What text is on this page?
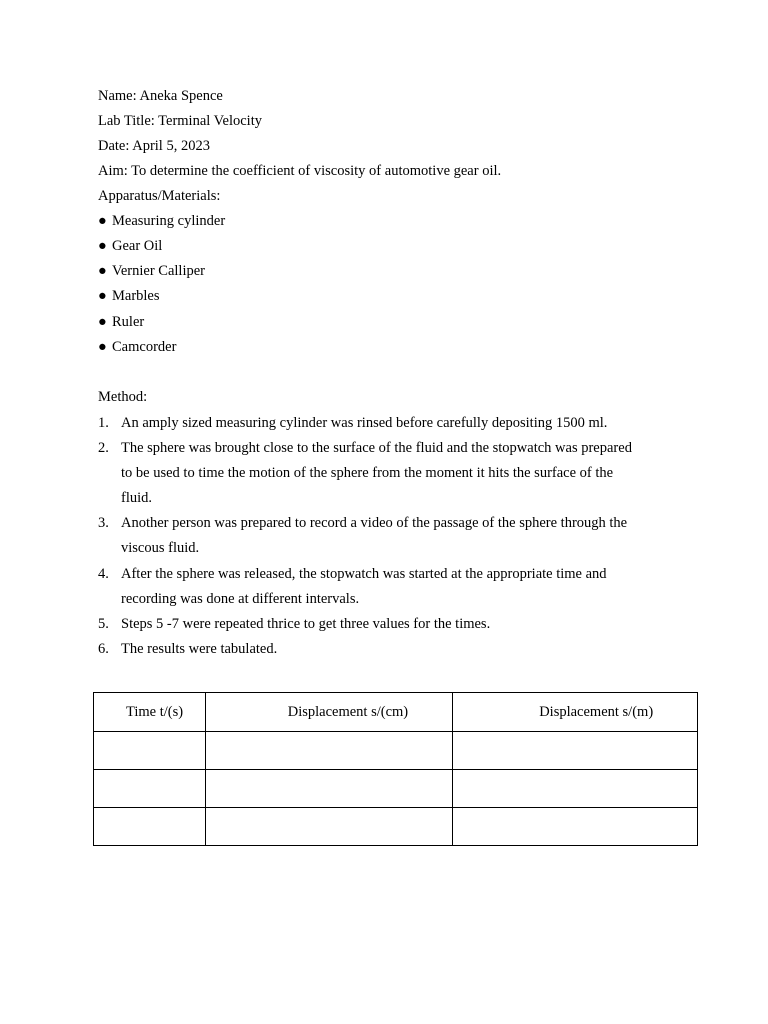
Name: Aneka Spence
Lab Title: Terminal Velocity
Date: April 5, 2023
Aim: To determine the coefficient of viscosity of automotive gear oil.
Apparatus/Materials:
● Measuring cylinder
● Gear Oil
● Vernier Calliper
● Marbles
● Ruler
● Camcorder
Method:
1. An amply sized measuring cylinder was rinsed before carefully depositing 1500 ml.
2. The sphere was brought close to the surface of the fluid and the stopwatch was prepared
to be used to time the motion of the sphere from the moment it hits the surface of the
fluid.
3. Another person was prepared to record a video of the passage of the sphere through the
viscous fluid.
4. After the sphere was released, the stopwatch was started at the appropriate time and
recording was done at different intervals.
5. Steps 5 -7 were repeated thrice to get three values for the times.
6. The results were tabulated.
Time t/(s)	Displacement s/(cm)	Displacement s/(m)
